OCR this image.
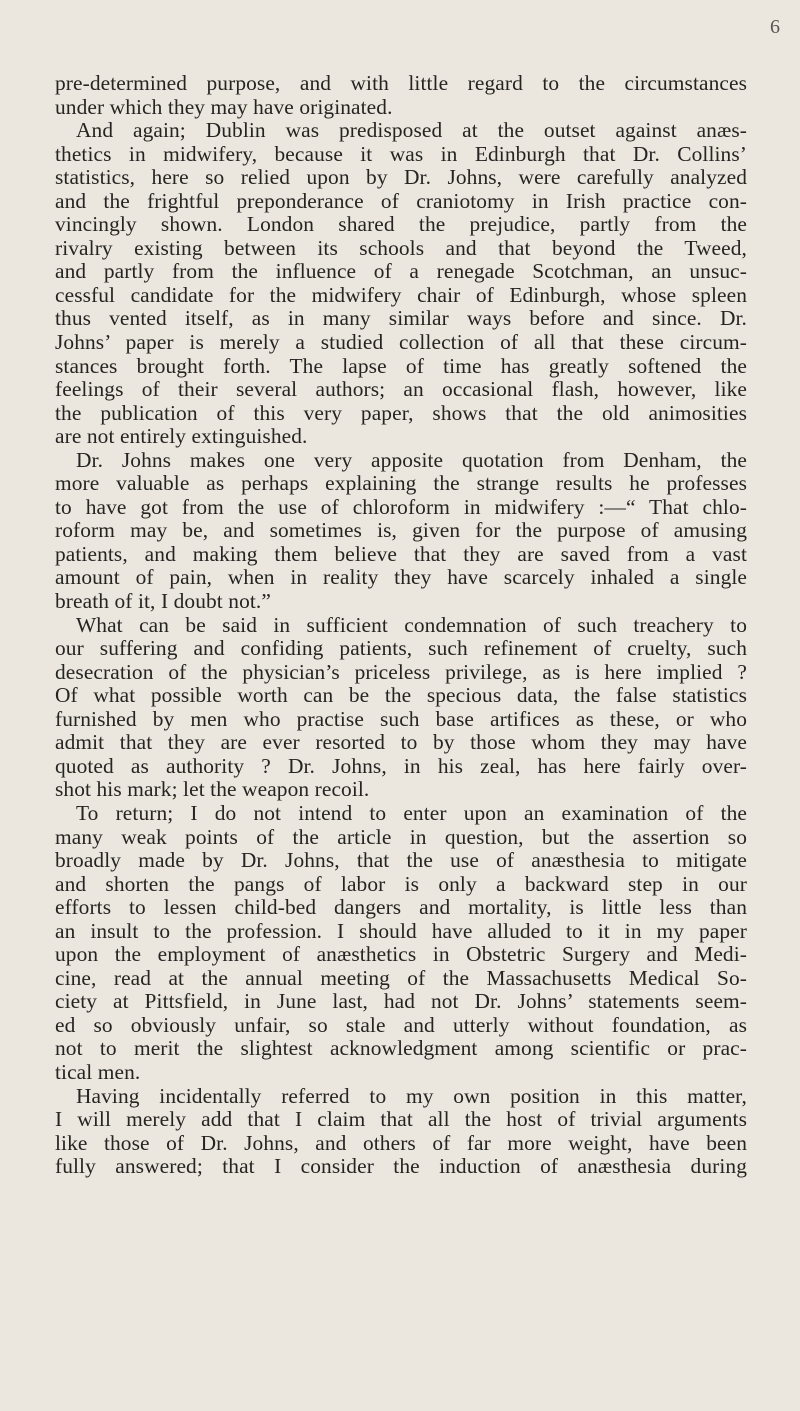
6
pre-determined purpose, and with little regard to the circumstances
under which they may have originated.
And again; Dublin was predisposed at the outset against anæs-
thetics in midwifery, because it was in Edinburgh that Dr. Collins’
statistics, here so relied upon by Dr. Johns, were carefully analyzed
and the frightful preponderance of craniotomy in Irish practice con-
vincingly shown. London shared the prejudice, partly from the
rivalry existing between its schools and that beyond the Tweed,
and partly from the influence of a renegade Scotchman, an unsuc-
cessful candidate for the midwifery chair of Edinburgh, whose spleen
thus vented itself, as in many similar ways before and since. Dr.
Johns’ paper is merely a studied collection of all that these circum-
stances brought forth. The lapse of time has greatly softened the
feelings of their several authors; an occasional flash, however, like
the publication of this very paper, shows that the old animosities
are not entirely extinguished.
Dr. Johns makes one very apposite quotation from Denham, the
more valuable as perhaps explaining the strange results he professes
to have got from the use of chloroform in midwifery :—“ That chlo-
roform may be, and sometimes is, given for the purpose of amusing
patients, and making them believe that they are saved from a vast
amount of pain, when in reality they have scarcely inhaled a single
breath of it, I doubt not.”
What can be said in sufficient condemnation of such treachery to
our suffering and confiding patients, such refinement of cruelty, such
desecration of the physician’s priceless privilege, as is here implied ?
Of what possible worth can be the specious data, the false statistics
furnished by men who practise such base artifices as these, or who
admit that they are ever resorted to by those whom they may have
quoted as authority ? Dr. Johns, in his zeal, has here fairly over-
shot his mark; let the weapon recoil.
To return; I do not intend to enter upon an examination of the
many weak points of the article in question, but the assertion so
broadly made by Dr. Johns, that the use of anæsthesia to mitigate
and shorten the pangs of labor is only a backward step in our
efforts to lessen child-bed dangers and mortality, is little less than
an insult to the profession. I should have alluded to it in my paper
upon the employment of anæsthetics in Obstetric Surgery and Medi-
cine, read at the annual meeting of the Massachusetts Medical So-
ciety at Pittsfield, in June last, had not Dr. Johns’ statements seem-
ed so obviously unfair, so stale and utterly without foundation, as
not to merit the slightest acknowledgment among scientific or prac-
tical men.
Having incidentally referred to my own position in this matter,
I will merely add that I claim that all the host of trivial arguments
like those of Dr. Johns, and others of far more weight, have been
fully answered; that I consider the induction of anæsthesia during
